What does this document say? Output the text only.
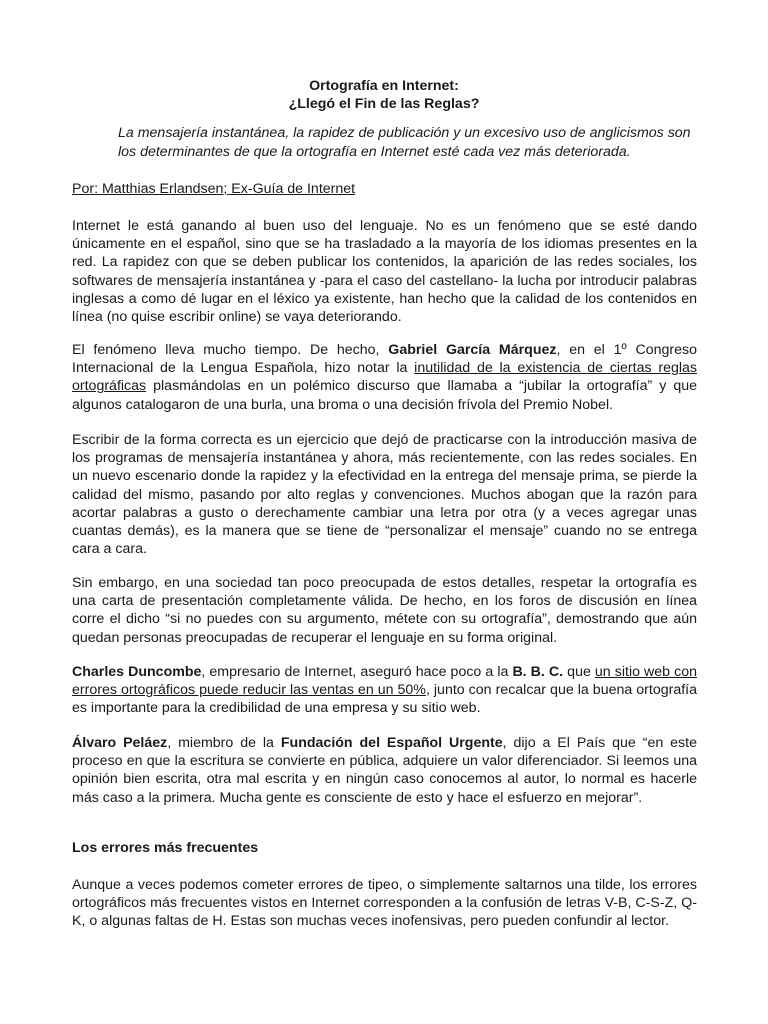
Ortografía en Internet:
¿Llegó el Fin de las Reglas?
La mensajería instantánea, la rapidez de publicación y un excesivo uso de anglicismos son los determinantes de que la ortografía en Internet esté cada vez más deteriorada.
Por: Matthias Erlandsen; Ex-Guía de Internet
Internet le está ganando al buen uso del lenguaje. No es un fenómeno que se esté dando únicamente en el español, sino que se ha trasladado a la mayoría de los idiomas presentes en la red. La rapidez con que se deben publicar los contenidos, la aparición de las redes sociales, los softwares de mensajería instantánea y -para el caso del castellano- la lucha por introducir palabras inglesas a como dé lugar en el léxico ya existente, han hecho que la calidad de los contenidos en línea (no quise escribir online) se vaya deteriorando.
El fenómeno lleva mucho tiempo. De hecho, Gabriel García Márquez, en el 1º Congreso Internacional de la Lengua Española, hizo notar la inutilidad de la existencia de ciertas reglas ortográficas plasmándolas en un polémico discurso que llamaba a “jubilar la ortografía” y que algunos catalogaron de una burla, una broma o una decisión frívola del Premio Nobel.
Escribir de la forma correcta es un ejercicio que dejó de practicarse con la introducción masiva de los programas de mensajería instantánea y ahora, más recientemente, con las redes sociales. En un nuevo escenario donde la rapidez y la efectividad en la entrega del mensaje prima, se pierde la calidad del mismo, pasando por alto reglas y convenciones. Muchos abogan que la razón para acortar palabras a gusto o derechamente cambiar una letra por otra (y a veces agregar unas cuantas demás), es la manera que se tiene de “personalizar el mensaje” cuando no se entrega cara a cara.
Sin embargo, en una sociedad tan poco preocupada de estos detalles, respetar la ortografía es una carta de presentación completamente válida. De hecho, en los foros de discusión en línea corre el dicho “si no puedes con su argumento, métete con su ortografía”, demostrando que aún quedan personas preocupadas de recuperar el lenguaje en su forma original.
Charles Duncombe, empresario de Internet, aseguró hace poco a la B. B. C. que un sitio web con errores ortográficos puede reducir las ventas en un 50%, junto con recalcar que la buena ortografía es importante para la credibilidad de una empresa y su sitio web.
Álvaro Peláez, miembro de la Fundación del Español Urgente, dijo a El País que “en este proceso en que la escritura se convierte en pública, adquiere un valor diferenciador. Si leemos una opinión bien escrita, otra mal escrita y en ningún caso conocemos al autor, lo normal es hacerle más caso a la primera. Mucha gente es consciente de esto y hace el esfuerzo en mejorar”.
Los errores más frecuentes
Aunque a veces podemos cometer errores de tipeo, o simplemente saltarnos una tilde, los errores ortográficos más frecuentes vistos en Internet corresponden a la confusión de letras V-B, C-S-Z, Q-K, o algunas faltas de H. Estas son muchas veces inofensivas, pero pueden confundir al lector.
